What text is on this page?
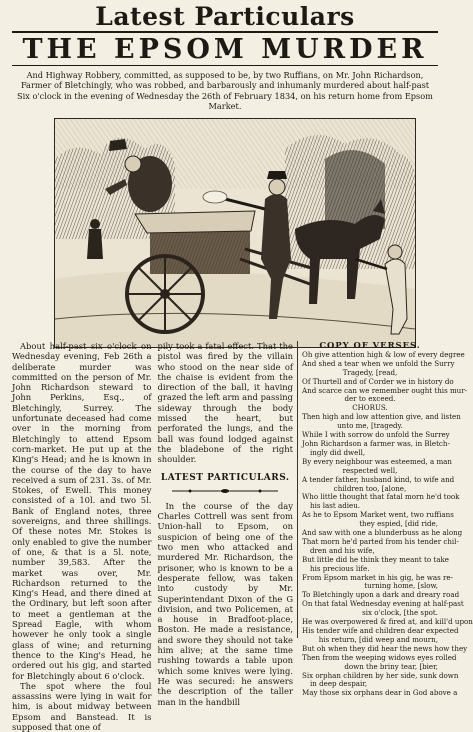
Latest Particulars
THE EPSOM MURDER
And Highway Robbery, committed, as supposed to be, by two Ruffians, on Mr. John Richardson, Farmer of Bletchingly, who was robbed, and barbarously and inhumanly murdered about half-past Six o'clock in the evening of Wednesday the 26th of February 1834, on his return home from Epsom Market.

About half-past six o'clock on Wednesday evening, Feb 26th a deliberate murder was committed on the person of Mr. John Richardson steward to John Perkins, Esq., of Bletchingly, Surrey. The unfortunate deceased had come over in the morning from Bletchingly to attend Epsom corn-market. He put up at the King's Head; and he is known in the course of the day to have received a sum of 231. 3s. of Mr. Stokes, of Ewell. This money consisted of a 10l. and two 5l. Bank of England notes, three sovereigns, and three shillings. Of these notes Mr. Stokes is only enabled to give the number of one, & that is a 5l. note, number 39,583. After the market was over, Mr. Richardson returned to the King's Head, and there dined at the Ordinary, but left soon after to meet a gentleman at the Spread Eagle, with whom however he only took a single glass of wine; and returning thence to the King's Head, he ordered out his gig, and started for Bletchingly about 6 o'clock.

The spot where the foul assassins were lying in wait for him, is about midway between Epsom and Banstead. It is supposed that one of

pily took a fatal effect. That the pistol was fired by the villain who stood on the near side of the chaise is evident from the direction of the ball, it having grazed the left arm and passing sideway through the body missed the heart, but perforated the lungs, and the ball was found lodged against the bladebone of the right shoulder.

LATEST PARTICULARS.

In the course of the day Charles Cottrell was sent from Union-hall to Epsom, on suspicion of being one of the two men who attacked and murdered Mr. Richardson, the prisoner, who is known to be a desperate fellow, was taken into custody by Mr. Superintendant Dixon of the G division, and two Policemen, at a house in Bradfoot-place, Boston. He made a resistance, and swore they should not take him alive; at the same time rushing towards a table upon which some knives were lying. He was secured: he answers the description of the taller man in the handbill

COPY OF VERSES.
Oh give attention high & low of every degree
And shed a tear when we unfold the Surry
Tragedy, [read,
Of Thurtell and of Corder we in history do
And scarce can we remember ought this mur-
der to exceed.
CHORUS.
Then high and low attention give, and listen
unto me, [tragedy.
While I with sorrow do unfold the Surrey
John Richardson a farmer was, in Bletch-
ingly did dwell,
By every neighbour was esteemed, a man
respected well,
A tender father, husband kind, to wife and
children too, [alone,
Who little thought that fatal morn he'd took
his last adieu.
As he to Epsom Market went, two ruffians
they espied, [did ride,
And saw with one a blunderbuss as he along
That morn he'd parted from his tender chil-
dren and his wife,
But little did he think they meant to take
his precious life.
From Epsom market in his gig, he was re-
turning home, [slow,
To Bletchingly upon a dark and dreary road
On that fatal Wednesday evening at half-past
six o'clock, [the spot.
He was overpowered & fired at, and kill'd upon
His tender wife and children dear expected
his return, [did weep and mourn,
But oh when they did hear the news how they
Then from the weeping widows eyes rolled
down the briny tear, [bier,
Six orphan children by her side, sunk down
in deep despair,
May those six orphans dear in God above a
